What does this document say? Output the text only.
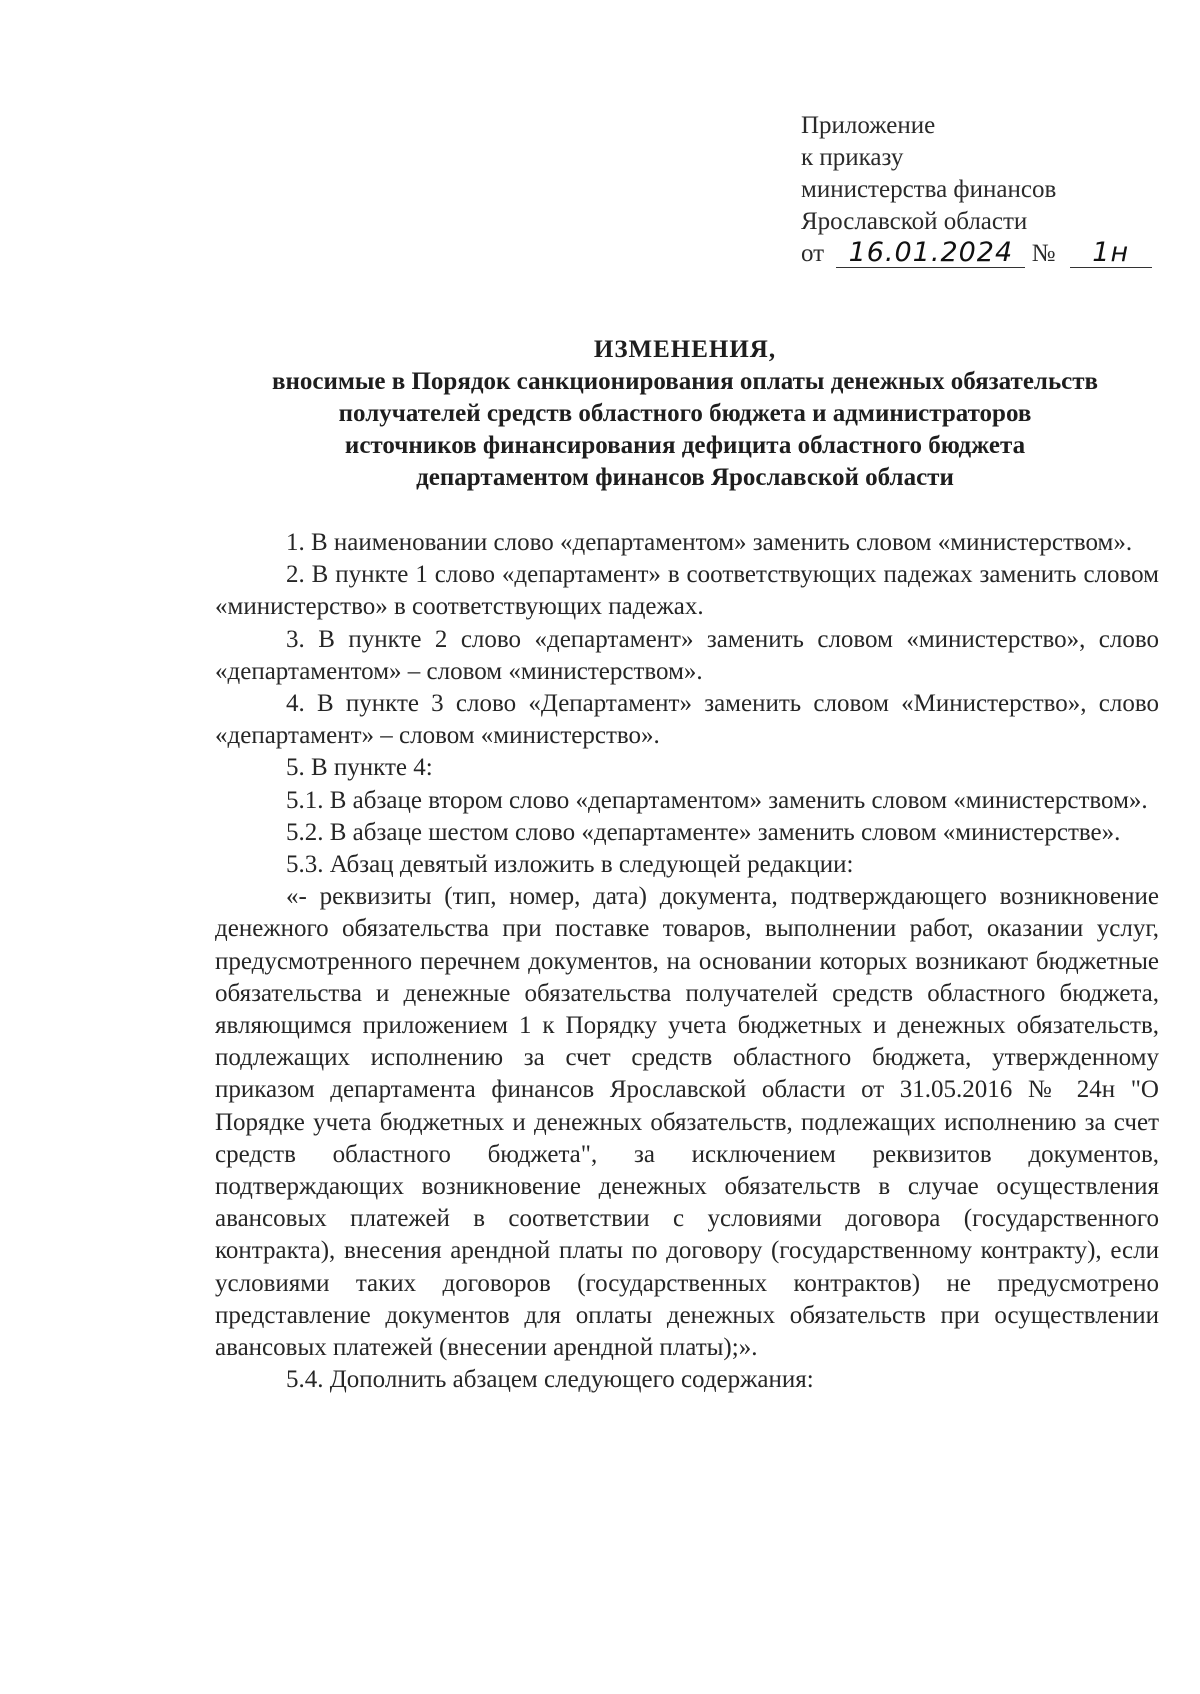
Приложение
к приказу
министерства финансов
Ярославской области
от 16.01.2024 № 1н
ИЗМЕНЕНИЯ,
вносимые в Порядок санкционирования оплаты денежных обязательств
получателей средств областного бюджета и администраторов
источников финансирования дефицита областного бюджета
департаментом финансов Ярославской области

1. В наименовании слово «департаментом» заменить словом «министерством».

2. В пункте 1 слово «департамент» в соответствующих падежах заменить словом «министерство» в соответствующих падежах.

3. В пункте 2 слово «департамент» заменить словом «министерство», слово «департаментом» – словом «министерством».

4. В пункте 3 слово «Департамент» заменить словом «Министерство», слово «департамент» – словом «министерство».

5. В пункте 4:

5.1. В абзаце втором слово «департаментом» заменить словом «министерством».

5.2. В абзаце шестом слово «департаменте» заменить словом «министерстве».

5.3. Абзац девятый изложить в следующей редакции:

«- реквизиты (тип, номер, дата) документа, подтверждающего возникновение денежного обязательства при поставке товаров, выполнении работ, оказании услуг, предусмотренного перечнем документов, на основании которых возникают бюджетные обязательства и денежные обязательства получателей средств областного бюджета, являющимся приложением 1 к Порядку учета бюджетных и денежных обязательств, подлежащих исполнению за счет средств областного бюджета, утвержденному приказом департамента финансов Ярославской области от 31.05.2016 № 24н "О Порядке учета бюджетных и денежных обязательств, подлежащих исполнению за счет средств областного бюджета", за исключением реквизитов документов, подтверждающих возникновение денежных обязательств в случае осуществления авансовых платежей в соответствии с условиями договора (государственного контракта), внесения арендной платы по договору (государственному контракту), если условиями таких договоров (государственных контрактов) не предусмотрено представление документов для оплаты денежных обязательств при осуществлении авансовых платежей (внесении арендной платы);».

5.4. Дополнить абзацем следующего содержания:
